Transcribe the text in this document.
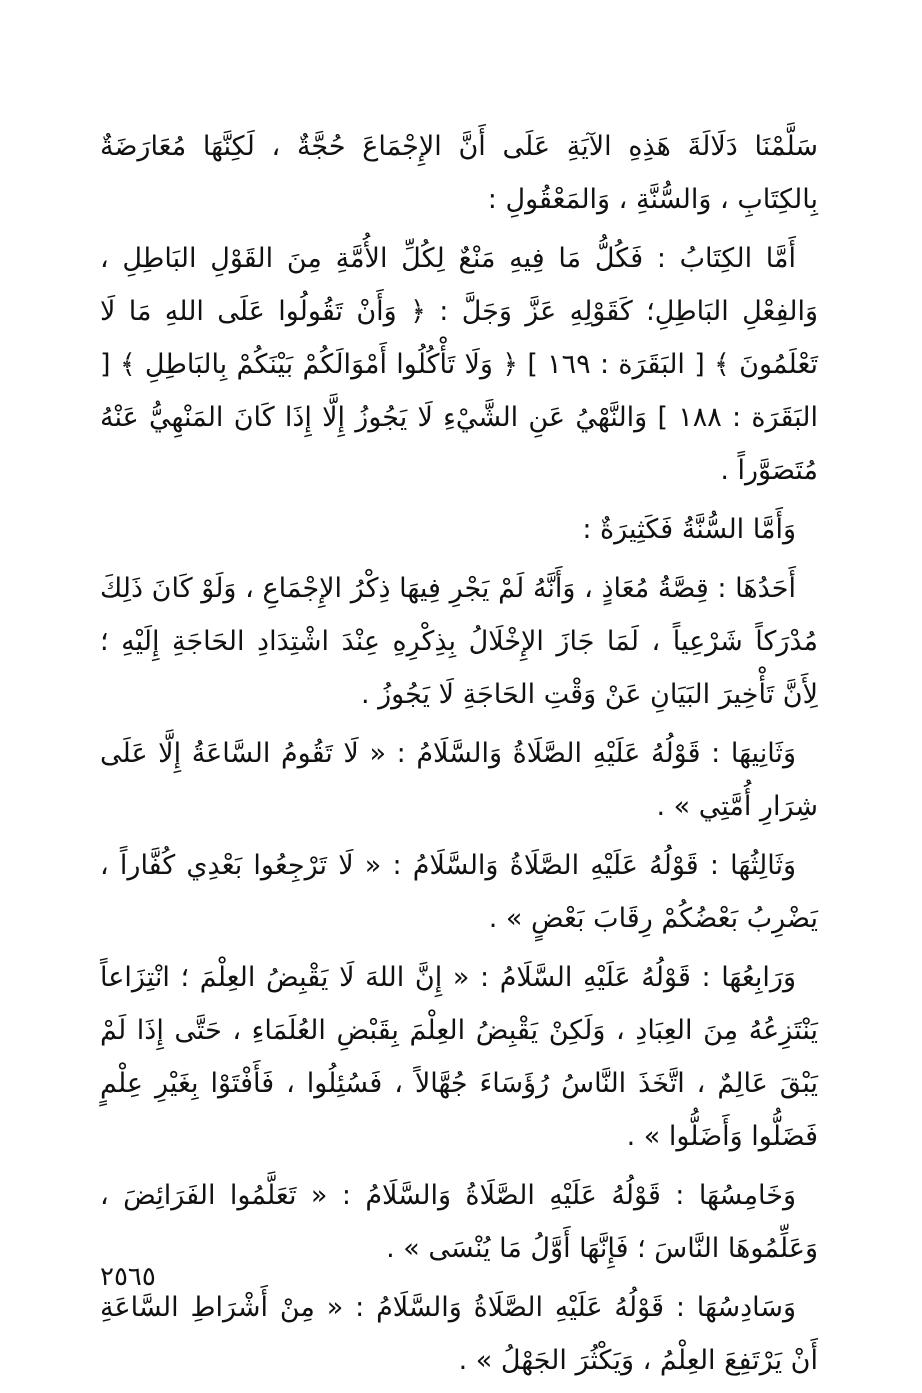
سَلَّمْنَا دَلَالَةَ هَذِهِ الآيَةِ عَلَى أَنَّ الإِجْمَاعَ حُجَّةٌ ، لَكِنَّهَا مُعَارَضَةٌ بِالكِتَابِ ، وَالسُّنَّةِ ، وَالمَعْقُولِ :

أَمَّا الكِتَابُ : فَكُلُّ مَا فِيهِ مَنْعٌ لِكُلِّ الأُمَّةِ مِنَ القَوْلِ البَاطِلِ ، وَالفِعْلِ البَاطِلِ؛ كَقَوْلِهِ عَزَّ وَجَلَّ : ﴿ وَأَنْ تَقُولُوا عَلَى اللهِ مَا لَا تَعْلَمُونَ ﴾ [ البَقَرَة : ١٦٩ ] ﴿ وَلَا تَأْكُلُوا أَمْوَالَكُمْ بَيْنَكُمْ بِالبَاطِلِ ﴾ [ البَقَرَة : ١٨٨ ] وَالنَّهْيُ عَنِ الشَّيْءِ لَا يَجُوزُ إِلَّا إِذَا كَانَ المَنْهِيُّ عَنْهُ مُتَصَوَّراً .

وَأَمَّا السُّنَّةُ فَكَثِيرَةٌ :

أَحَدُهَا : قِصَّةُ مُعَاذٍ ، وَأَنَّهُ لَمْ يَجْرِ فِيهَا ذِكْرُ الإِجْمَاعِ ، وَلَوْ كَانَ ذَلِكَ مُدْرَكاً شَرْعِياً ، لَمَا جَازَ الإِخْلَالُ بِذِكْرِهِ عِنْدَ اشْتِدَادِ الحَاجَةِ إِلَيْهِ ؛ لِأَنَّ تَأْخِيرَ البَيَانِ عَنْ وَقْتِ الحَاجَةِ لَا يَجُوزُ .

وَثَانِيهَا : قَوْلُهُ عَلَيْهِ الصَّلَاةُ وَالسَّلَامُ : « لَا تَقُومُ السَّاعَةُ إِلَّا عَلَى شِرَارِ أُمَّتِي » .

وَثَالِثُهَا : قَوْلُهُ عَلَيْهِ الصَّلَاةُ وَالسَّلَامُ : « لَا تَرْجِعُوا بَعْدِي كُفَّاراً ، يَضْرِبُ بَعْضُكُمْ رِقَابَ بَعْضٍ » .

وَرَابِعُهَا : قَوْلُهُ عَلَيْهِ السَّلَامُ : « إِنَّ اللهَ لَا يَقْبِضُ العِلْمَ ؛ انْتِزَاعاً يَنْتَزِعُهُ مِنَ العِبَادِ ، وَلَكِنْ يَقْبِضُ العِلْمَ بِقَبْضِ العُلَمَاءِ ، حَتَّى إِذَا لَمْ يَبْقَ عَالِمٌ ، اتَّخَذَ النَّاسُ رُؤَسَاءَ جُهَّالاً ، فَسُئِلُوا ، فَأَفْتَوْا بِغَيْرِ عِلْمٍ فَضَلُّوا وَأَضَلُّوا » .

وَخَامِسُهَا : قَوْلُهُ عَلَيْهِ الصَّلَاةُ وَالسَّلَامُ : « تَعَلَّمُوا الفَرَائِضَ ، وَعَلِّمُوهَا النَّاسَ ؛ فَإِنَّهَا أَوَّلُ مَا يُنْسَى » .

وَسَادِسُهَا : قَوْلُهُ عَلَيْهِ الصَّلَاةُ وَالسَّلَامُ : « مِنْ أَشْرَاطِ السَّاعَةِ أَنْ يَرْتَفِعَ العِلْمُ ، وَيَكْثُرَ الجَهْلُ » .

٢٥٦٥
